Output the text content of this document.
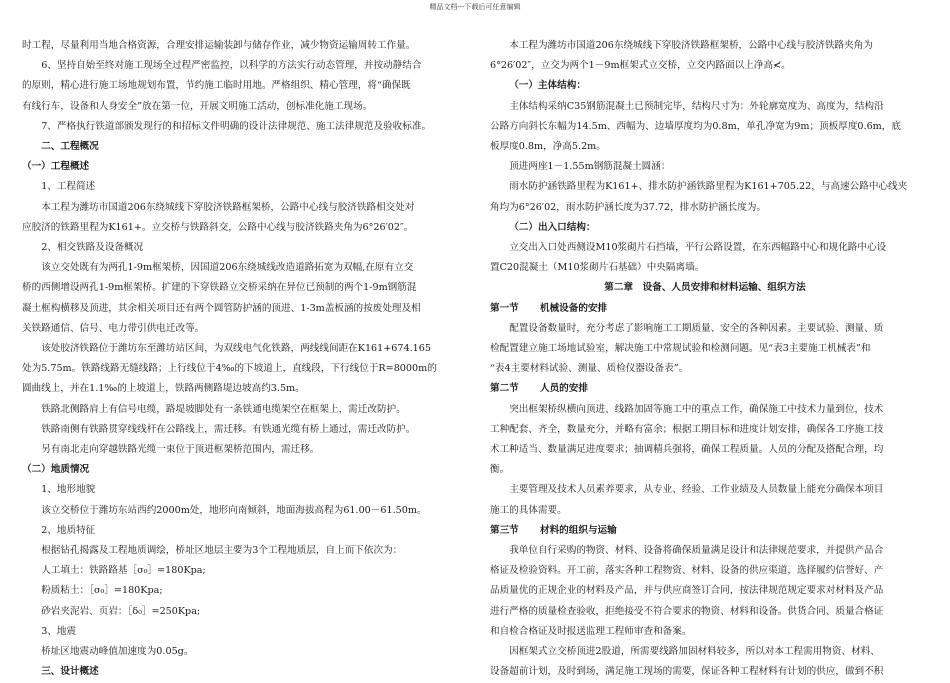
精品文档---下载后可任意编辑

时工程，尽量利用当地合格资源，合理安排运输装卸与储存作业，减少物资运输周转工作量。

6、坚持自始至终对施工现场全过程严密监控，以科学的方法实行动态管理，并按动静结合

的原则，精心进行施工场地规划布置，节约施工临时用地。严格组织、精心管理，将“确保既

有线行车，设备和人身安全”放在第一位，开展文明施工活动，创标准化施工现场。

7、严格执行铁道部颁发现行的和招标文件明确的设计法律规范、施工法律规范及验收标准。

二、工程概况

（一）工程概述

1、工程简述

本工程为潍坊市国道206东绕城线下穿胶济铁路框架桥，公路中心线与胶济铁路相交处对

应胶济的铁路里程为K161+。立交桥与铁路斜交，公路中心线与胶济铁路夹角为6°26′02″。

2、相交铁路及设备概况

该立交处既有为两孔1-9m框架桥，因国道206东绕城线改造道路拓宽为双幅,在原有立交

桥的西侧增设两孔1-9m框架桥。扩建的下穿铁路立交桥采纳在异位已预制的两个1-9m钢筋混

凝土框构横移及顶进，其余相关项目还有两个圆管防护涵的顶进、1-3m盖板涵的按废处理及相

关铁路通信、信号、电力带引供电迁改等。

该处胶济铁路位于潍坊东至潍坊站区间，为双线电气化铁路，两线线间距在K161+674.165

处为5.75m。铁路线路无缝线路；上行线位于4‰的下坡道上，直线段，下行线位于R=8000m的

圆曲线上，并在1.1‰的上坡道上，铁路两侧路堤边坡高约3.5m。

铁路北侧路肩上有信号电缆，路堤坡脚处有一条铁通电缆架空在框架上，需迁改防护。

铁路南侧有铁路贯穿线线杆在公路线上，需迁移。有铁通光缆有桥上通过，需迁改防护。

另有南北走向穿越铁路光缆一束位于顶进框架桥范围内，需迁移。

（二）地质情况

1、地形地貌

该立交桥位于潍坊东站西约2000m处，地形向南倾斜，地面海拔高程为61.00－61.50m。

2、地质特征

根据钻孔揭露及工程地质调绘，桥址区地层主要为3个工程地质层，自上而下依次为：

人工填土：铁路路基［σ₀］=180Kpa;

粉质粘土：［σ₀］=180Kpa;

砂岩夹泥岩、页岩：［δ₀］=250Kpa;

3、地震

桥址区地震动峰值加速度为0.05g。

三、设计概述

本工程为潍坊市国道206东绕城线下穿胶济铁路框架桥，公路中心线与胶济铁路夹角为

6°26′02″，立交为两个1－9m框架式立交桥，立交内路面以上净高≮。

（一）主体结构：

主体结构采纳C35钢筋混凝土已预制完毕，结构尺寸为：外轮廓宽度为、高度为，结构沿

公路方向斜长东幅为14.5m、西幅为、边墙厚度均为0.8m，单孔净宽为9m；顶板厚度0.6m，底

板厚度0.8m，净高5.2m。

顶进两座1－1.55m钢筋混凝土圆涵：

雨水防护涵铁路里程为K161+、排水防护涵铁路里程为K161+705.22，与高速公路中心线夹

角均为6°26′02，雨水防护涵长度为37.72，排水防护涵长度为。

（二）出入口结构：

立交出入口处西侧设M10浆砌片石挡墙，平行公路设置，在东西幅路中心和规化路中心设

置C20混凝土（M10浆砌片石基础）中央隔离墙。

第二章　设备、人员安排和材料运输、组织方法

第一节 机械设备的安排

配置设备数量时，充分考虑了影响施工工期质量、安全的各种因素。主要试验、测量、质

检配置建立施工场地试验室，解决施工中常规试验和检测问题。见“表3主要施工机械表”和

“表4主要材料试验、测量、质检仪器设备表”。

第二节 人员的安排

突出框架桥纵横向顶进、线路加固等施工中的重点工作，确保施工中技术力量到位，技术

工种配套、齐全，数量充分，并略有富余；根据工期目标和进度计划安排，确保各工序施工技

术工种适当、数量满足进度要求；抽调精兵强将，确保工程质量。人员的分配及搭配合理，均

衡。

主要管理及技术人员素养要求，从专业、经验、工作业绩及人员数量上能充分确保本项目

施工的具体需要。

第三节 材料的组织与运输

我单位自行采购的物资、材料、设备将确保质量满足设计和法律规范要求，并提供产品合

格证及检验资料。开工前，落实各种工程物资、材料、设备的供应渠道，选择履约信誉好、产

品质量优的正规企业的材料及产品，并与供应商签订合同，按法律规范规定要求对材料及产品

进行严格的质量检查验收，拒绝接受不符合要求的物资、材料和设备。供货合同、质量合格证

和自检合格证及时报送监理工程师审查和备案。

因框架式立交桥顶进2股道，所需要线路加固材料较多，所以对本工程需用物资、材料、

设备超前计划，及时到场，满足施工现场的需要，保证各种工程材料有计划的供应，做到不积
